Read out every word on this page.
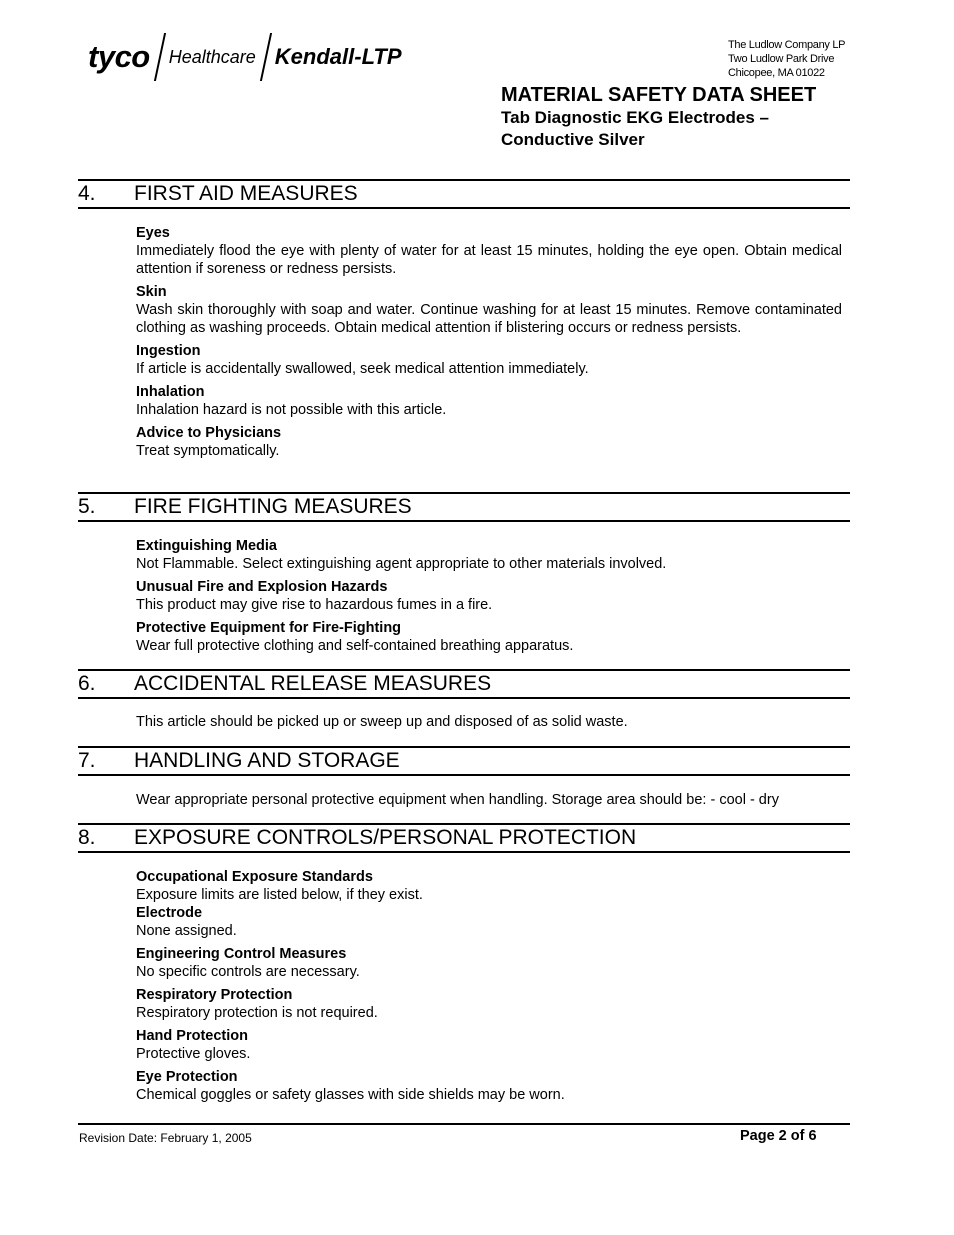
tyco Healthcare Kendall-LTP	The Ludlow Company LP
Two Ludlow Park Drive
Chicopee, MA 01022
MATERIAL SAFETY DATA SHEET
Tab Diagnostic EKG Electrodes –
Conductive Silver
4.	FIRST AID MEASURES
Eyes
Immediately flood the eye with plenty of water for at least 15 minutes, holding the eye open. Obtain medical attention if soreness or redness persists.
Skin
Wash skin thoroughly with soap and water. Continue washing for at least 15 minutes. Remove contaminated clothing as washing proceeds. Obtain medical attention if blistering occurs or redness persists.
Ingestion
If article is accidentally swallowed, seek medical attention immediately.
Inhalation
Inhalation hazard is not possible with this article.
Advice to Physicians
Treat symptomatically.
5.	FIRE FIGHTING MEASURES
Extinguishing Media
Not Flammable. Select extinguishing agent appropriate to other materials involved.
Unusual Fire and Explosion Hazards
This product may give rise to hazardous fumes in a fire.
Protective Equipment for Fire-Fighting
Wear full protective clothing and self-contained breathing apparatus.
6.	ACCIDENTAL RELEASE MEASURES
This article should be picked up or sweep up and disposed of as solid waste.
7.	HANDLING AND STORAGE
Wear appropriate personal protective equipment when handling. Storage area should be: - cool - dry
8.	EXPOSURE CONTROLS/PERSONAL PROTECTION
Occupational Exposure Standards
Exposure limits are listed below, if they exist.
Electrode
None assigned.
Engineering Control Measures
No specific controls are necessary.
Respiratory Protection
Respiratory protection is not required.
Hand Protection
Protective gloves.
Eye Protection
Chemical goggles or safety glasses with side shields may be worn.
Revision Date: February 1, 2005	Page 2 of 6
